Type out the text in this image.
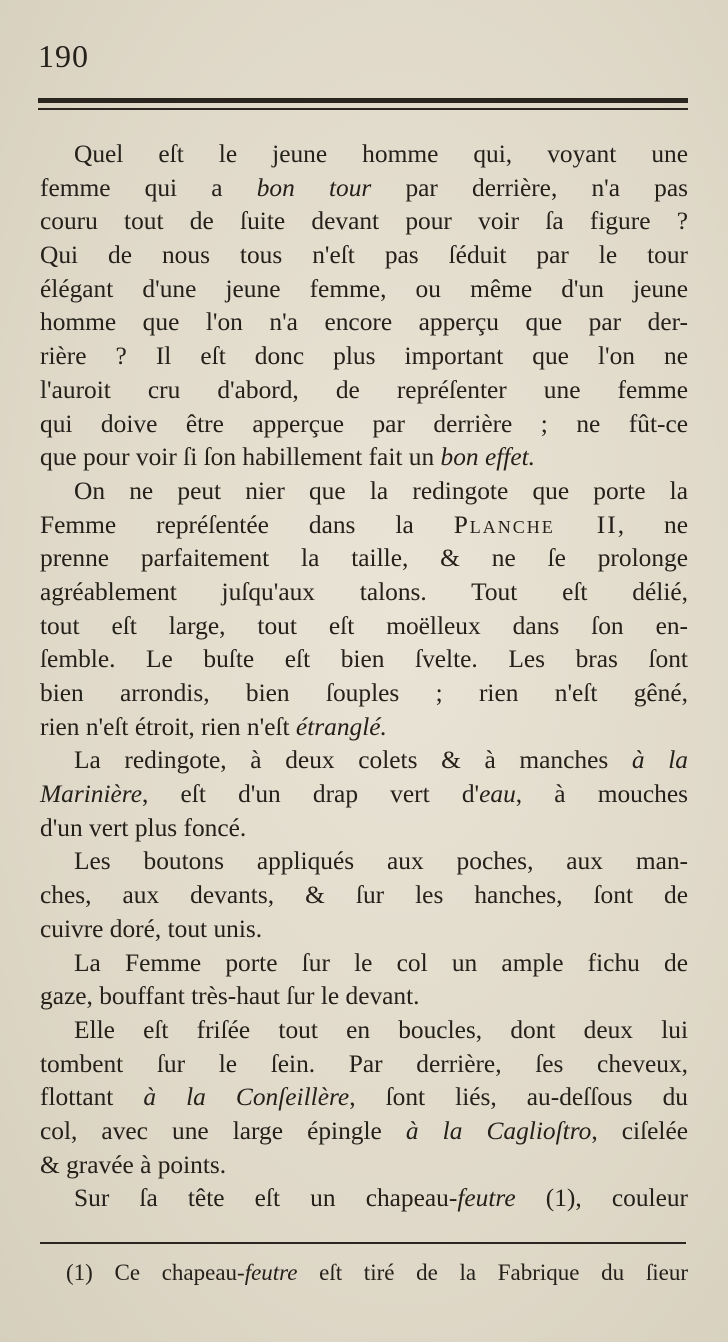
190
Quel eſt le jeune homme qui, voyant une
femme qui a bon tour par derrière, n'a pas
couru tout de ſuite devant pour voir ſa figure ?
Qui de nous tous n'eſt pas ſéduit par le tour
élégant d'une jeune femme, ou même d'un jeune
homme que l'on n'a encore apperçu que par der-
rière ? Il eſt donc plus important que l'on ne
l'auroit cru d'abord, de repréſenter une femme
qui doive être apperçue par derrière ; ne fût-ce
que pour voir ſi ſon habillement fait un bon effet.
On ne peut nier que la redingote que porte la
Femme repréſentée dans la Planche II, ne
prenne parfaitement la taille, & ne ſe prolonge
agréablement juſqu'aux talons. Tout eſt délié,
tout eſt large, tout eſt moëlleux dans ſon en-
ſemble. Le buſte eſt bien ſvelte. Les bras ſont
bien arrondis, bien ſouples ; rien n'eſt gêné,
rien n'eſt étroit, rien n'eſt étranglé.
La redingote, à deux colets & à manches à la
Marinière, eſt d'un drap vert d'eau, à mouches
d'un vert plus foncé.
Les boutons appliqués aux poches, aux man-
ches, aux devants, & ſur les hanches, ſont de
cuivre doré, tout unis.
La Femme porte ſur le col un ample fichu de
gaze, bouffant très-haut ſur le devant.
Elle eſt friſée tout en boucles, dont deux lui
tombent ſur le ſein. Par derrière, ſes cheveux,
flottant à la Conſeillère, ſont liés, au-deſſous du
col, avec une large épingle à la Caglioſtro, ciſelée
& gravée à points.
Sur ſa tête eſt un chapeau-feutre (1), couleur
(1) Ce chapeau-feutre eſt tiré de la Fabrique du ſieur
